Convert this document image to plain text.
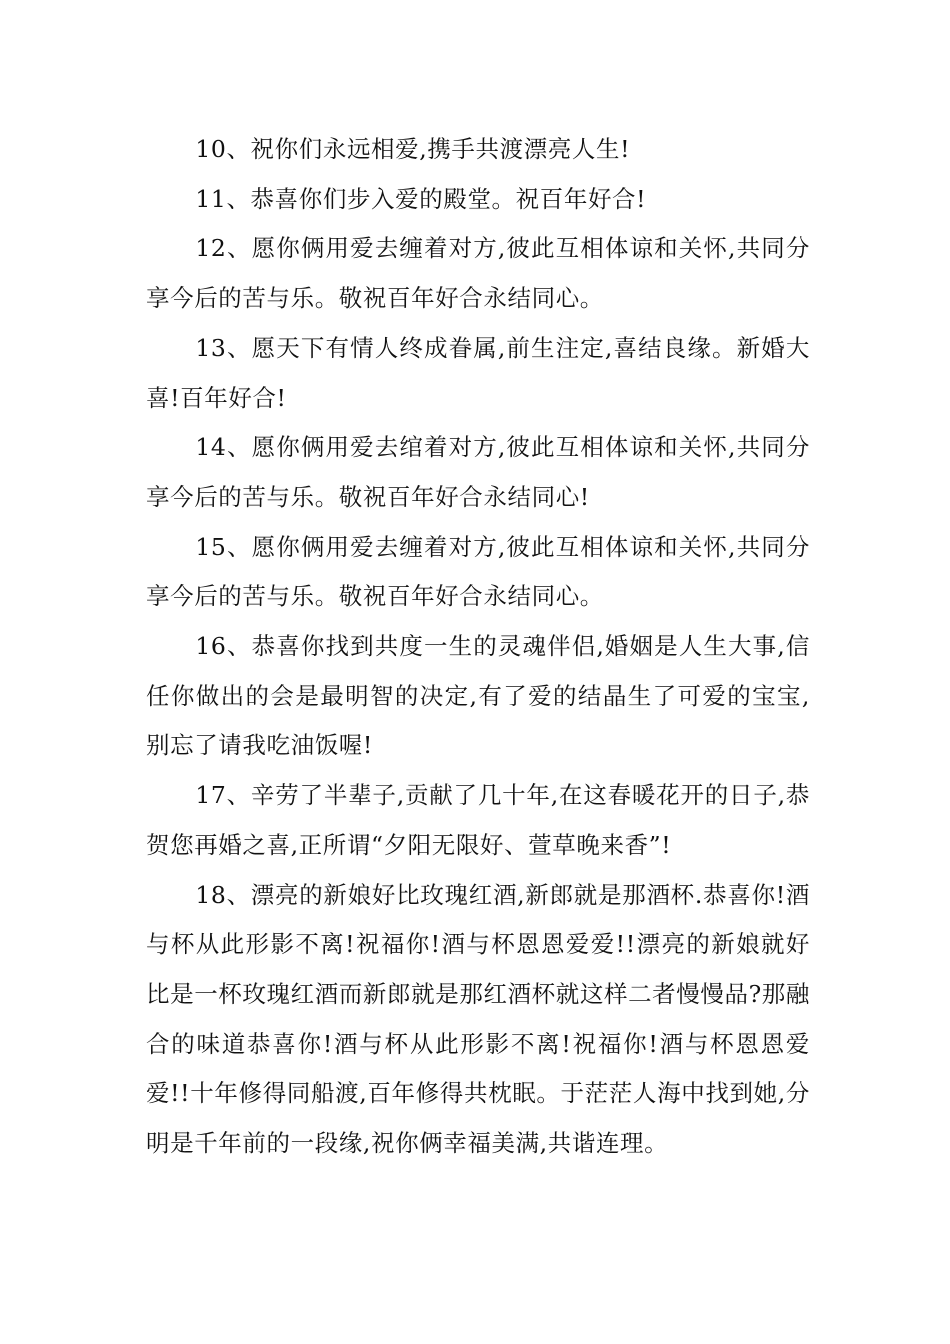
10、祝你们永远相爱,携手共渡漂亮人生!

11、恭喜你们步入爱的殿堂。祝百年好合!

12、愿你俩用爱去缠着对方,彼此互相体谅和关怀,共同分享今后的苦与乐。敬祝百年好合永结同心。

13、愿天下有情人终成眷属,前生注定,喜结良缘。新婚大喜!百年好合!

14、愿你俩用爱去绾着对方,彼此互相体谅和关怀,共同分享今后的苦与乐。敬祝百年好合永结同心!

15、愿你俩用爱去缠着对方,彼此互相体谅和关怀,共同分享今后的苦与乐。敬祝百年好合永结同心。

16、恭喜你找到共度一生的灵魂伴侣,婚姻是人生大事,信任你做出的会是最明智的决定,有了爱的结晶生了可爱的宝宝,别忘了请我吃油饭喔!

17、辛劳了半辈子,贡献了几十年,在这春暖花开的日子,恭贺您再婚之喜,正所谓“夕阳无限好、萱草晚来香”!

18、漂亮的新娘好比玫瑰红酒,新郎就是那酒杯.恭喜你!酒与杯从此形影不离!祝福你!酒与杯恩恩爱爱!!漂亮的新娘就好比是一杯玫瑰红酒而新郎就是那红酒杯就这样二者慢慢品?那融合的味道恭喜你!酒与杯从此形影不离!祝福你!酒与杯恩恩爱爱!!十年修得同船渡,百年修得共枕眠。于茫茫人海中找到她,分明是千年前的一段缘,祝你俩幸福美满,共谐连理。
